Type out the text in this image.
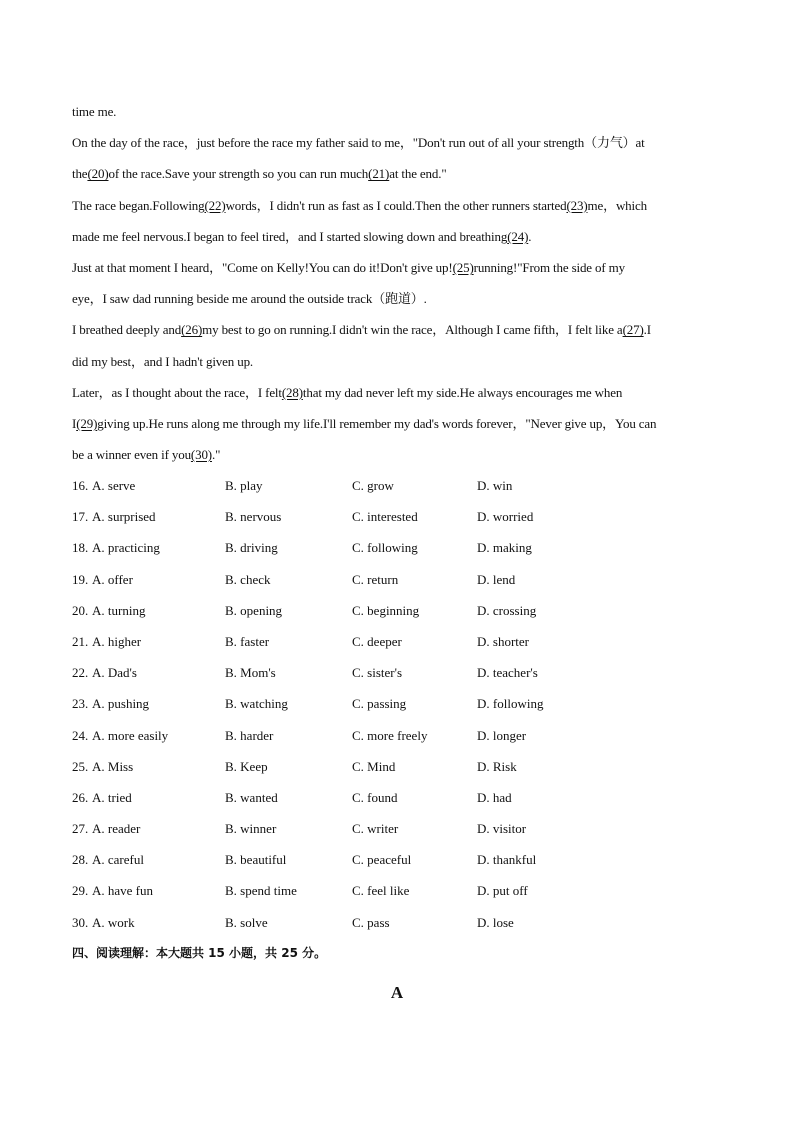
time me.
On the day of the race，just before the race my father said to me，"Don't run out of all your strength（力气）at
the(20)of the race.Save your strength so you can run much(21)at the end."
The race began.Following(22)words，I didn't run as fast as I could.Then the other runners started(23)me，which
made me feel nervous.I began to feel tired，and I started slowing down and breathing(24).
Just at that moment I heard，"Come on Kelly!You can do it!Don't give up!(25)running!"From the side of my
eye，I saw dad running beside me around the outside track（跑道）.
I breathed deeply and(26)my best to go on running.I didn't win the race，Although I came fifth，I felt like a(27).I
did my best，and I hadn't given up.
Later，as I thought about the race，I felt(28)that my dad never left my side.He always encourages me when
I(29)giving up.He runs along me through my life.I'll remember my dad's words forever，"Never give up，You can
be a winner even if you(30)."
16. A. serve	B. play	C. grow	D. win
17. A. surprised	B. nervous	C. interested	D. worried
18. A. practicing	B. driving	C. following	D. making
19. A. offer	B. check	C. return	D. lend
20. A. turning	B. opening	C. beginning	D. crossing
21. A. higher	B. faster	C. deeper	D. shorter
22. A. Dad's	B. Mom's	C. sister's	D. teacher's
23. A. pushing	B. watching	C. passing	D. following
24. A. more easily	B. harder	C. more freely	D. longer
25. A. Miss	B. Keep	C. Mind	D. Risk
26. A. tried	B. wanted	C. found	D. had
27. A. reader	B. winner	C. writer	D. visitor
28. A. careful	B. beautiful	C. peaceful	D. thankful
29. A. have fun	B. spend time	C. feel like	D. put off
30. A. work	B. solve	C. pass	D. lose
四、阅读理解：本大题共 15 小题，共 25 分。
A
